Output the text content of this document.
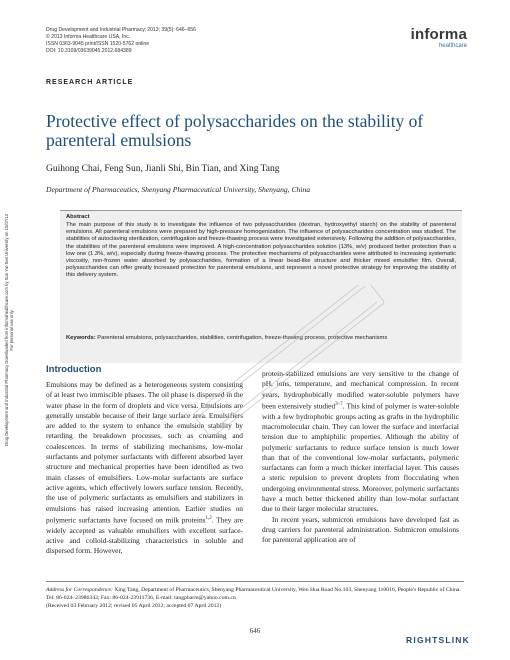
Drug Development and Industrial Pharmacy Downloaded from informahealthcare.com by Sun Yat-Sen University on 10/07/13
For personal use only.
Drug Development and Industrial Pharmacy, 2013; 39(5): 646–656
© 2013 Informa Healthcare USA, Inc.
ISSN 0363-9045 print/ISSN 1520-5762 online
DOI: 10.3109/03639045.2012.684389
informa
healthcare
RESEARCH ARTICLE
Protective effect of polysaccharides on the stability of parenteral emulsions
Guihong Chai, Feng Sun, Jianli Shi, Bin Tian, and Xing Tang
Department of Pharmaceutics, Shenyang Pharmaceutical University, Shenyang, China
Abstract
The main purpose of this study is to investigate the influence of two polysaccharides (dextran, hydroxyethyl starch) on the stability of parenteral emulsions. All parenteral emulsions were prepared by high-pressure homogenization. The influence of polysaccharides concentration was studied. The stabilities of autoclaving sterilization, centrifugation and freeze-thawing process were investigated extensively. Following the addition of polysaccharides, the stabilities of the parenteral emulsions were improved. A high-concentration polysaccharides solution (13%, w/v) produced better protection than a low one (1.3%, w/v), especially during freeze-thawing process. The protective mechanisms of polysaccharides were attributed to increasing systematic viscosity, non-frozen water absorbed by polysaccharides, formation of a linear bead-like structure and thicker mixed emulsifier film. Overall, polysaccharides can offer greatly increased protection for parenteral emulsions, and represent a novel protective strategy for improving the stability of this delivery system.
Keywords: Parenteral emulsions, polysaccharides, stabilities, centrifugation, freeze-thawing process, protective mechanisms
Introduction

Emulsions may be defined as a heterogeneous system consisting of at least two immiscible phases. The oil phase is dispersed in the water phase in the form of droplets and vice versa. Emulsions are generally unstable because of their large surface area. Emulsifiers are added to the system to enhance the emulsion stability by retarding the breakdown processes, such as creaming and coalescences. In terms of stabilizing mechanisms, low-molar surfactants and polymer surfactants with different absorbed layer structure and mechanical properties have been identified as two main classes of emulsifiers. Low-molar surfactants are surface active agents, which effectively lowers surface tension. Recently, the use of polymeric surfactants as emulsifiers and stabilizers in emulsions has raised increasing attention. Earlier studies on polymeric surfactants have focused on milk proteins$^{1,2}$. They are widely accepted as valuable emulsifiers with excellent surface-active and colloid-stabilizing characteristics in soluble and dispersed form. However,

protein-stabilized emulsions are very sensitive to the change of pH, ions, temperature, and mechanical compression. In recent years, hydrophobically modified water-soluble polymers have been extensively studied$^{3-7}$. This kind of polymer is water-soluble with a few hydrophobic groups acting as grafts in the hydrophilic macromolecular chain. They can lower the surface and interfacial tension due to amphiphilic properties. Although the ability of polymeric surfactants to reduce surface tension is much lower than that of the conventional low-molar surfactants, polymeric surfactants can form a much thicker interfacial layer. This causes a steric repulsion to prevent droplets from flocculating when undergoing environmental stress. Moreover, polymeric surfactants have a much better thickened ability than low-molar surfactant due to their larger molecular structures.

In recent years, submicron emulsions have developed fast as drug carriers for parenteral administration. Submicron emulsions for parenteral application are of

Address for Correspondence: Xing Tang, Department of Pharmaceutics, Shenyang Pharmaceutical University, Wen Hua Road No.103, Shenyang 110016, People's Republic of China. Tel: 86-024–23986343; Fax: 86-024-23911736, E-mail: tangpharm@yahoo.com.cn
(Received 03 February 2012; revised 05 April 2012; accepted 07 April 2012)
646
RIGHTSLINK
